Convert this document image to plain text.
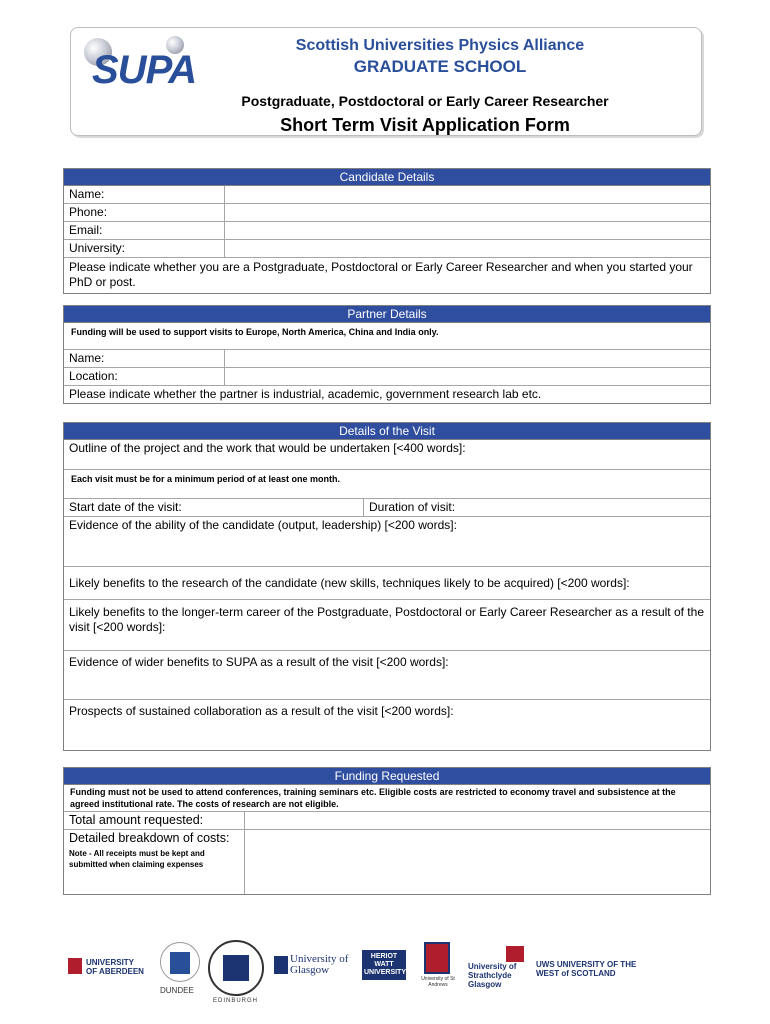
SUPA
Scottish Universities Physics Alliance
GRADUATE SCHOOL
Postgraduate, Postdoctoral or Early Career Researcher
Short Term Visit Application Form
Candidate Details
Name:
Phone:
Email:
University:
Please indicate whether you are a Postgraduate, Postdoctoral or Early Career Researcher and when you started your PhD or post.
Partner Details
Funding will be used to support visits to Europe, North America, China and India only.
Name:
Location:
Please indicate whether the partner is industrial, academic, government research lab etc.
Details of the Visit
Outline of the project and the work that would be undertaken [<400 words]:
Each visit must be for a minimum period of at least one month.
Start date of the visit:	Duration of visit:
Evidence of the ability of the candidate (output, leadership) [<200 words]:
Likely benefits to the research of the candidate (new skills, techniques likely to be acquired) [<200 words]:
Likely benefits to the longer-term career of the Postgraduate, Postdoctoral or Early Career Researcher as a result of the visit [<200 words]:
Evidence of wider benefits to SUPA as a result of the visit [<200 words]:
Prospects of sustained collaboration as a result of the visit [<200 words]:
Funding Requested
Funding must not be used to attend conferences, training seminars etc. Eligible costs are restricted to economy travel and subsistence at the agreed institutional rate. The costs of research are not eligible.
Total amount requested:
Detailed breakdown of costs:
Note - All receipts must be kept and submitted when claiming expenses
UNIVERSITY OF ABERDEEN
DUNDEE
EDINBURGH
University of Glasgow
HERIOT WATT UNIVERSITY
University of St Andrews
University of Strathclyde Glasgow
UWS UNIVERSITY OF THE WEST of SCOTLAND
